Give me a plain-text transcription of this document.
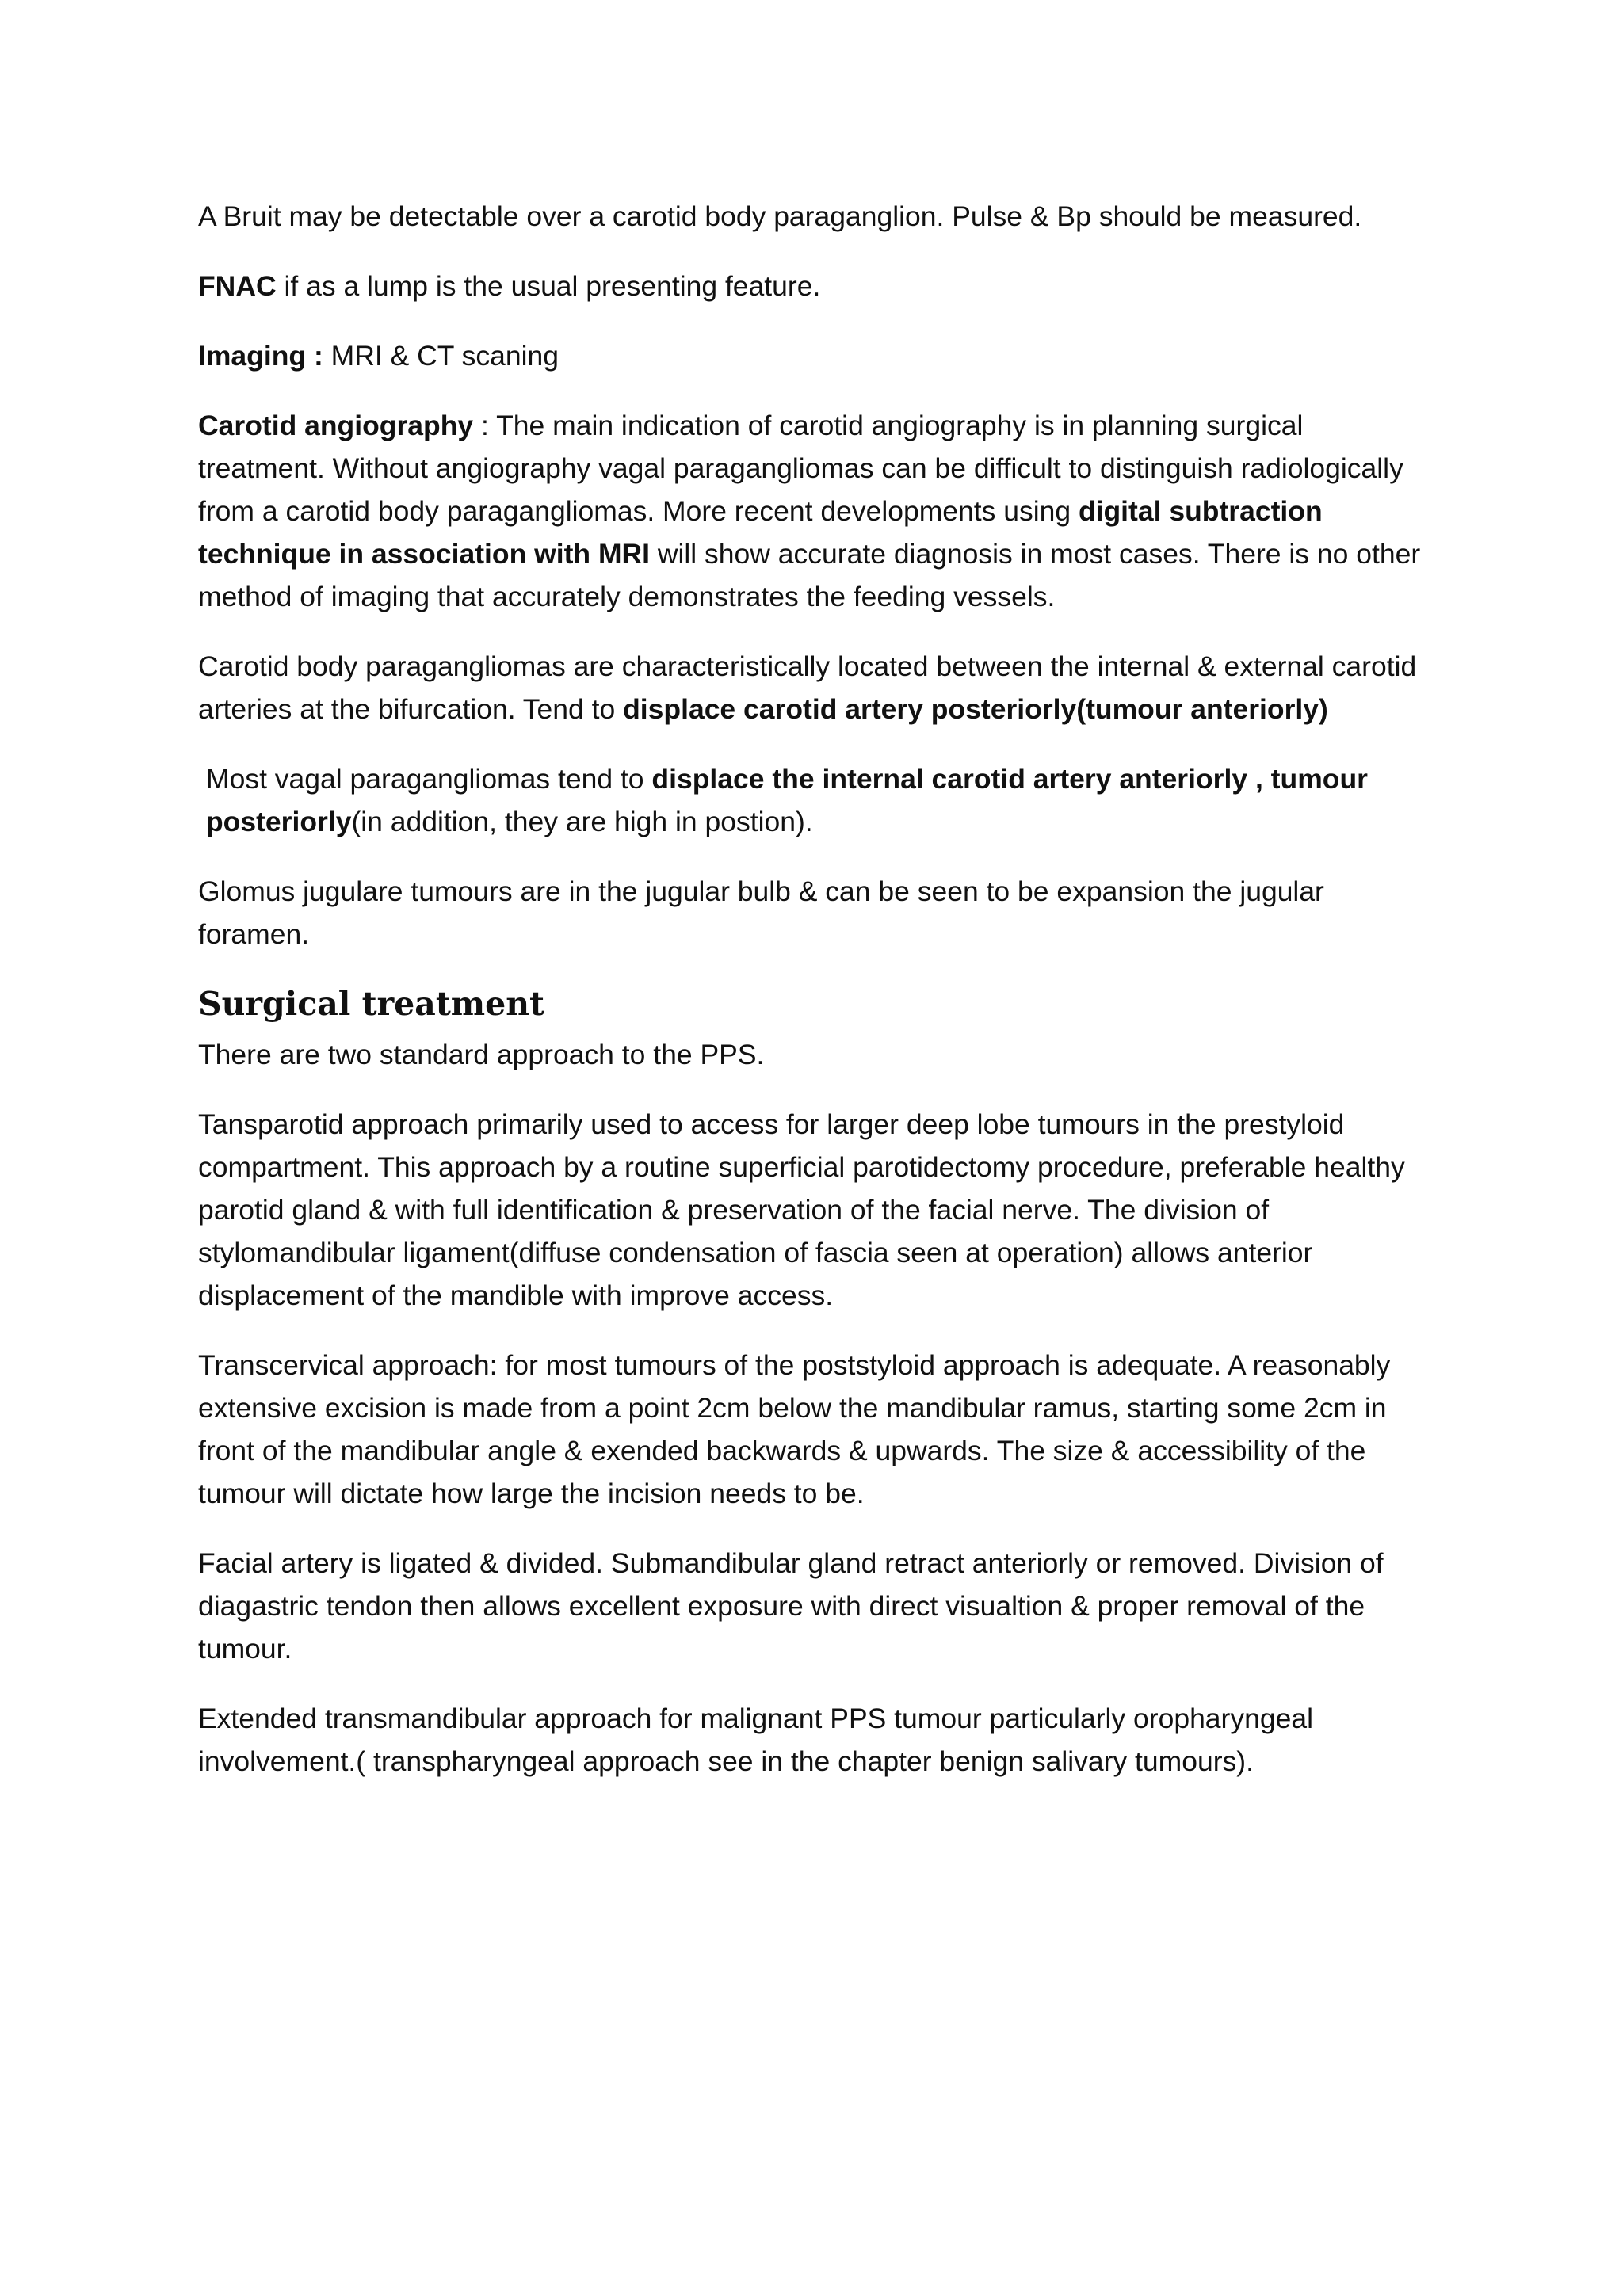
A Bruit may be detectable over a carotid body paraganglion. Pulse & Bp should be measured.

FNAC if as a lump is the usual presenting feature.

Imaging : MRI & CT scaning

Carotid angiography : The main indication of carotid angiography is in planning surgical treatment. Without angiography vagal paragangliomas can be difficult to distinguish radiologically from a carotid body paragangliomas. More recent developments using digital subtraction technique in association with MRI will show accurate diagnosis in most cases. There is no other method of imaging that accurately demonstrates the feeding vessels.

Carotid body paragangliomas are characteristically located between the internal & external carotid arteries at the bifurcation. Tend to displace carotid artery posteriorly(tumour anteriorly)

Most vagal paragangliomas tend to displace the internal carotid artery anteriorly , tumour posteriorly(in addition, they are high in postion).

Glomus jugulare tumours are in the jugular bulb & can be seen to be expansion the jugular foramen.

Surgical treatment

There are two standard approach to the PPS.

Tansparotid approach primarily used to access for larger deep lobe tumours in the prestyloid compartment. This approach by a routine superficial parotidectomy procedure, preferable healthy parotid gland & with full identification & preservation of the facial nerve. The division of stylomandibular ligament(diffuse condensation of fascia seen at operation) allows anterior displacement of the mandible with improve access.

Transcervical approach: for most tumours of the poststyloid approach is adequate. A reasonably extensive excision is made from a point 2cm below the mandibular ramus, starting some 2cm in front of the mandibular angle & exended backwards & upwards. The size & accessibility of the tumour will dictate how large the incision needs to be.

Facial artery is ligated & divided. Submandibular gland retract anteriorly or removed. Division of diagastric tendon then allows excellent exposure with direct visualtion & proper removal of the tumour.

Extended transmandibular approach for malignant PPS tumour particularly oropharyngeal involvement.( transpharyngeal approach see in the chapter benign salivary tumours).
